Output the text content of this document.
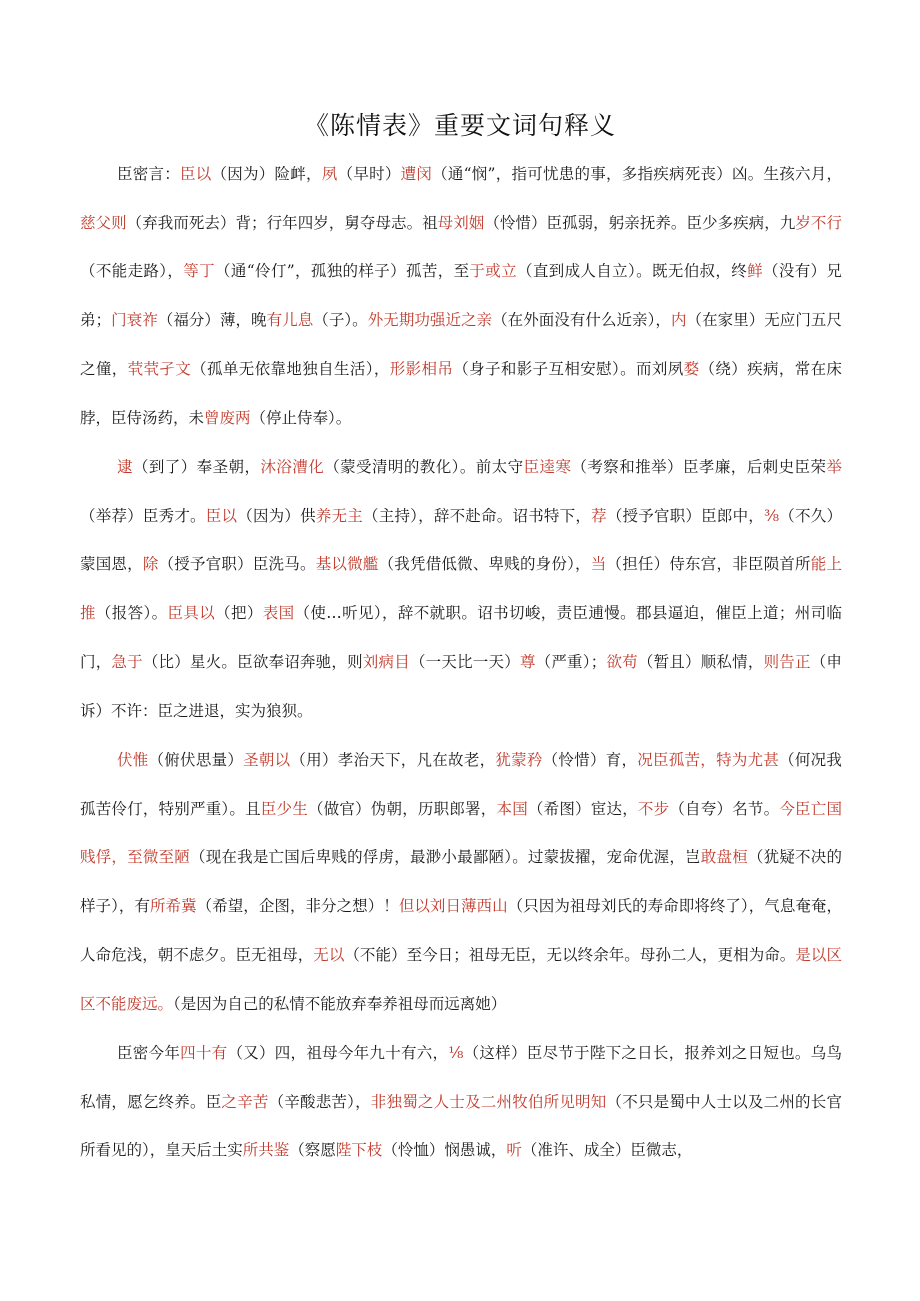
《陈情表》重要文词句释义
臣密言：臣以（因为）险衅，夙（早时）遭闵（通“悯”，指可忧患的事，多指疾病死丧）凶。生孩六月，慈父则（弃我而死去）背；行年四岁，舅夺母志。祖母刘姻（怜惜）臣孤弱，躬亲抚养。臣少多疾病，九岁不行（不能走路），等丁（通“伶仃”，孤独的样子）孤苦，至于或立（直到成人自立）。既无伯叔，终鲜（没有）兄弟；门衰祚（福分）薄，晚有儿息（子）。外无期功强近之亲（在外面没有什么近亲），内（在家里）无应门五尺之僮，茕茕孑文（孤单无依靠地独自生活），形影相吊（身子和影子互相安慰）。而刘夙婺（绕）疾病，常在床脖，臣侍汤药，未曾废两（停止侍奉）。
逮（到了）奉圣朝，沐浴漕化（蒙受清明的教化）。前太守臣逵寒（考察和推举）臣孝廉，后刺史臣荣举（举荐）臣秀才。臣以（因为）供养无主（主持），辞不赴命。诏书特下，荐（授予官职）臣郎中，⅜（不久）蒙国恩，除（授予官职）臣洗马。基以微艦（我凭借低微、卑贱的身份），当（担任）侍东宫，非臣陨首所能上推（报答）。臣具以（把）表国（使…听见），辞不就职。诏书切峻，责臣逋慢。郡县逼迫，催臣上道；州司临门，急于（比）星火。臣欲奉诏奔驰，则刘病目（一天比一天）尊（严重）；欲苟（暂且）顺私情，则告正（申诉）不许：臣之进退，实为狼狈。
伏惟（俯伏思量）圣朝以（用）孝治天下，凡在故老，犹蒙矜（怜惜）育，况臣孤苦，特为尤甚（何况我孤苦伶仃，特别严重）。且臣少生（做官）伪朝，历职郎署，本国（希图）宦达，不步（自夸）名节。今臣亡国贱俘，至微至陋（现在我是亡国后卑贱的俘虏，最渺小最鄙陋）。过蒙拔擢，宠命优渥，岂敢盘桓（犹疑不决的样子），有所希冀（希望，企图，非分之想）！但以刘日薄西山（只因为祖母刘氏的寿命即将终了），气息奄奄，人命危浅，朝不虑夕。臣无祖母，无以（不能）至今日；祖母无臣，无以终余年。母孙二人，更相为命。是以区区不能废远。（是因为自己的私情不能放弃奉养祖母而远离她）
臣密今年四十有（又）四，祖母今年九十有六，⅛（这样）臣尽节于陛下之日长，报养刘之日短也。乌鸟私情，愿乞终养。臣之辛苦（辛酸悲苦），非独蜀之人士及二州牧伯所见明知（不只是蜀中人士以及二州的长官所看见的），皇天后土实所共鉴（察愿陛下枝（怜恤）悯愚诚，听（准许、成全）臣微志，
